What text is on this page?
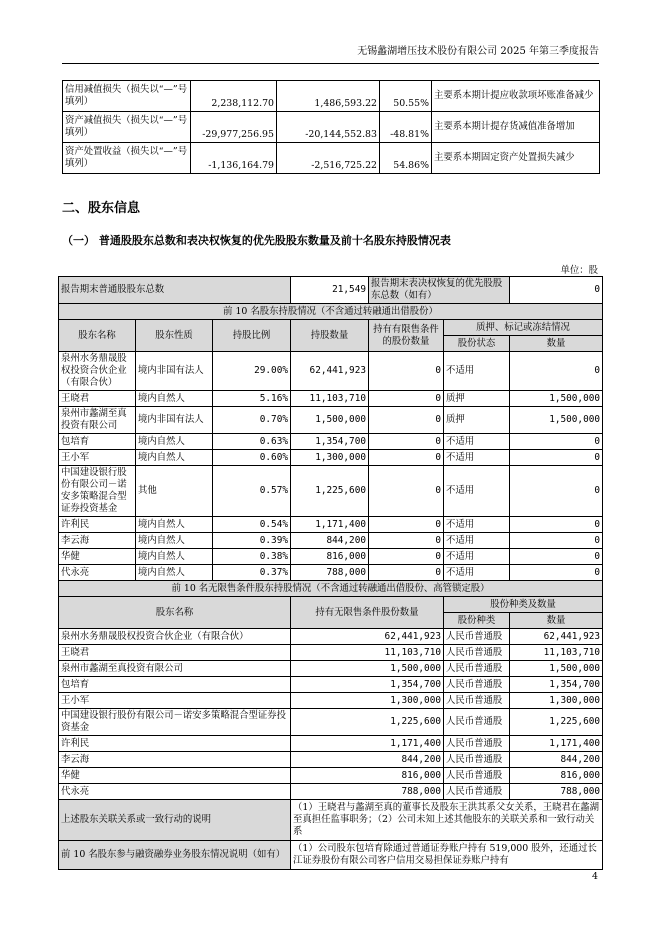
无锡蠡湖增压技术股份有限公司 2025 年第三季度报告
信用减值损失（损失以“—”号填列）	2,238,112.70	1,486,593.22	50.55%	主要系本期计提应收款项坏账准备减少
资产减值损失（损失以“—”号填列）	-29,977,256.95	-20,144,552.83	-48.81%	主要系本期计提存货减值准备增加
资产处置收益（损失以“—”号填列）	-1,136,164.79	-2,516,725.22	54.86%	主要系本期固定资产处置损失减少
二、股东信息
（一） 普通股股东总数和表决权恢复的优先股股东数量及前十名股东持股情况表
单位：股
报告期末普通股股东总数			21,549	报告期末表决权恢复的优先股股东总数（如有）		0
前 10 名股东持股情况（不含通过转融通出借股份）						
股东名称	股东性质	持股比例	持股数量	持有有限售条件的股份数量	质押、标记或冻结情况	
					股份状态	数量
泉州水务鼎晟股权投资合伙企业（有限合伙）	境内非国有法人	29.00%	62,441,923	0	不适用	0
王晓君	境内自然人	5.16%	11,103,710	0	质押	1,500,000
泉州市蠡湖至真投资有限公司	境内非国有法人	0.70%	1,500,000	0	质押	1,500,000
包培育	境内自然人	0.63%	1,354,700	0	不适用	0
王小军	境内自然人	0.60%	1,300,000	0	不适用	0
中国建设银行股份有限公司－诺安多策略混合型证券投资基金	其他	0.57%	1,225,600	0	不适用	0
许利民	境内自然人	0.54%	1,171,400	0	不适用	0
李云海	境内自然人	0.39%	844,200	0	不适用	0
华健	境内自然人	0.38%	816,000	0	不适用	0
代永亮	境内自然人	0.37%	788,000	0	不适用	0
前 10 名无限售条件股东持股情况（不含通过转融通出借股份、高管锁定股）						
股东名称			持有无限售条件股份数量		股份种类及数量	
					股份种类	数量
泉州水务鼎晟股权投资合伙企业（有限合伙）			62,441,923		人民币普通股	62,441,923
王晓君			11,103,710		人民币普通股	11,103,710
泉州市蠡湖至真投资有限公司			1,500,000		人民币普通股	1,500,000
包培育			1,354,700		人民币普通股	1,354,700
王小军			1,300,000		人民币普通股	1,300,000
中国建设银行股份有限公司－诺安多策略混合型证券投资基金			1,225,600		人民币普通股	1,225,600
许利民			1,171,400		人民币普通股	1,171,400
李云海			844,200		人民币普通股	844,200
华健			816,000		人民币普通股	816,000
代永亮			788,000		人民币普通股	788,000
上述股东关联关系或一致行动的说明			（1）王晓君与蠡湖至真的董事长及股东王洪其系父女关系，王晓君在蠡湖至真担任监事职务；（2）公司未知上述其他股东的关联关系和一致行动关系			
前 10 名股东参与融资融券业务股东情况说明（如有）			（1）公司股东包培育除通过普通证券账户持有 519,000 股外，还通过长江证券股份有限公司客户信用交易担保证券账户持有			
4
